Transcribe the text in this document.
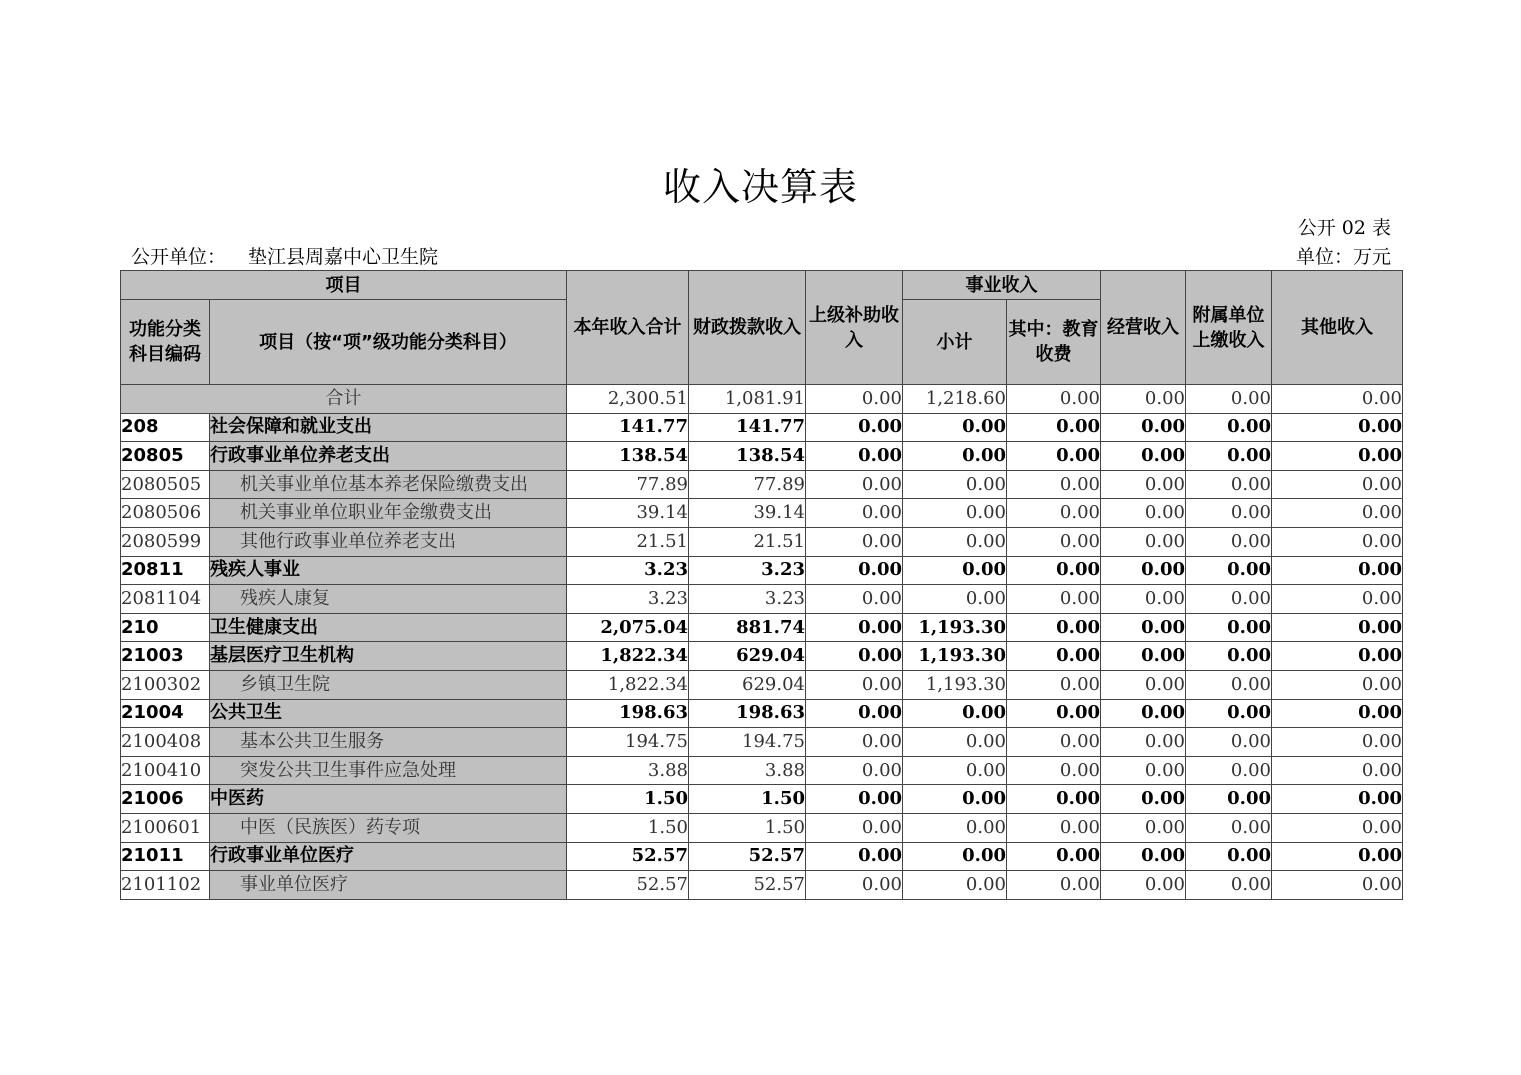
收入决算表
公开 02 表
公开单位： 垫江县周嘉中心卫生院	单位：万元
项目		本年收入合计	财政拨款收入	上级补助收入	事业收入		经营收入	附属单位上缴收入	其他收入
功能分类科目编码	项目（按“项”级功能分类科目）				小计	其中：教育收费			
合计		2,300.51	1,081.91	0.00	1,218.60	0.00	0.00	0.00	0.00
208	社会保障和就业支出	141.77	141.77	0.00	0.00	0.00	0.00	0.00	0.00
20805	行政事业单位养老支出	138.54	138.54	0.00	0.00	0.00	0.00	0.00	0.00
2080505	机关事业单位基本养老保险缴费支出	77.89	77.89	0.00	0.00	0.00	0.00	0.00	0.00
2080506	机关事业单位职业年金缴费支出	39.14	39.14	0.00	0.00	0.00	0.00	0.00	0.00
2080599	其他行政事业单位养老支出	21.51	21.51	0.00	0.00	0.00	0.00	0.00	0.00
20811	残疾人事业	3.23	3.23	0.00	0.00	0.00	0.00	0.00	0.00
2081104	残疾人康复	3.23	3.23	0.00	0.00	0.00	0.00	0.00	0.00
210	卫生健康支出	2,075.04	881.74	0.00	1,193.30	0.00	0.00	0.00	0.00
21003	基层医疗卫生机构	1,822.34	629.04	0.00	1,193.30	0.00	0.00	0.00	0.00
2100302	乡镇卫生院	1,822.34	629.04	0.00	1,193.30	0.00	0.00	0.00	0.00
21004	公共卫生	198.63	198.63	0.00	0.00	0.00	0.00	0.00	0.00
2100408	基本公共卫生服务	194.75	194.75	0.00	0.00	0.00	0.00	0.00	0.00
2100410	突发公共卫生事件应急处理	3.88	3.88	0.00	0.00	0.00	0.00	0.00	0.00
21006	中医药	1.50	1.50	0.00	0.00	0.00	0.00	0.00	0.00
2100601	中医（民族医）药专项	1.50	1.50	0.00	0.00	0.00	0.00	0.00	0.00
21011	行政事业单位医疗	52.57	52.57	0.00	0.00	0.00	0.00	0.00	0.00
2101102	事业单位医疗	52.57	52.57	0.00	0.00	0.00	0.00	0.00	0.00
